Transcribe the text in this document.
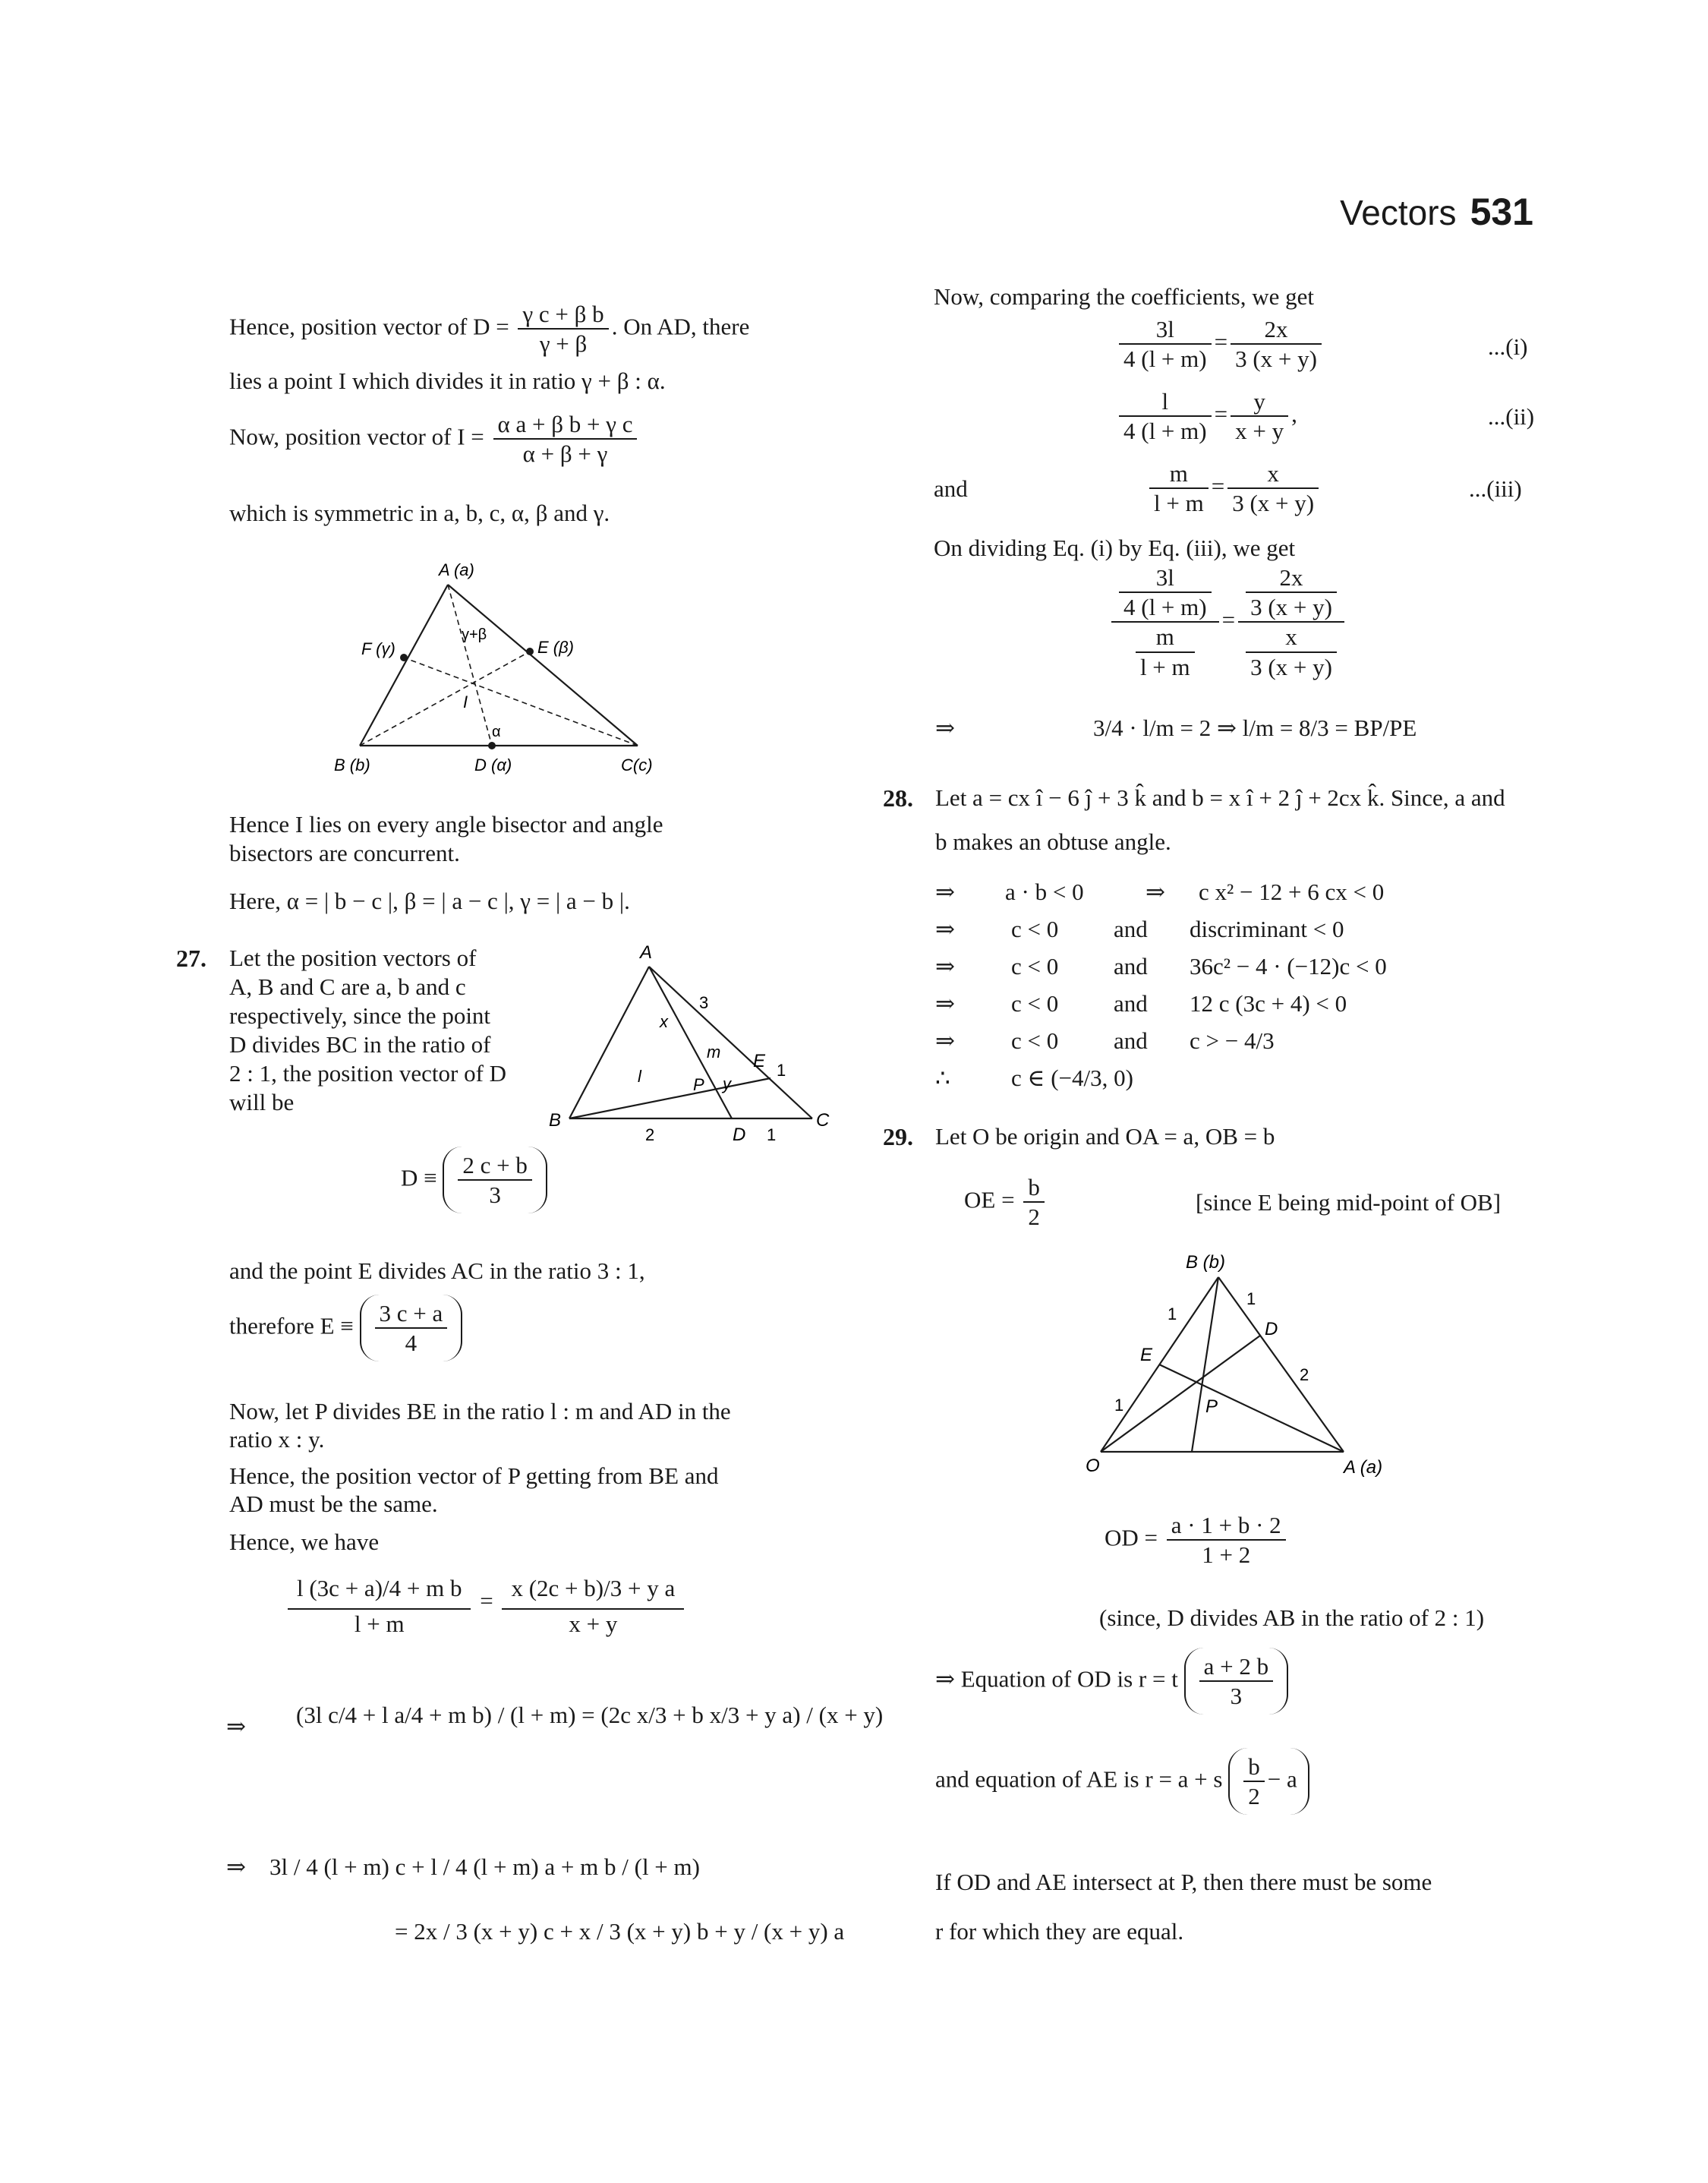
Vectors 531
Hence, position vector of $D = \frac{\text{γ c + β b}}{\gamma + \beta}$ . On AD, there
lies a point I which divides it in ratio γ + β : α.
Now, position vector of $I = \frac{\text{α a + β b + γ c}}{\alpha + \beta + \gamma}$
which is symmetric in a, b, c, α, β and γ.
A (a)
B (b)	C(c)
D (α)
E (β)
F (γ)
I
γ+β
α
Hence I lies on every angle bisector and angle
bisectors are concurrent.
Here, α = | b − c |, β = | a − c |, γ = | a − b |.
27. Let the position vectors of
A, B and C are a, b and c
respectively, since the point
D divides BC in the ratio of
2 : 1, the position vector of D
will be
A
B	C
D
E
P
m
x
y
l
3
1
2	1
$D \equiv \frac{2 c + b}{3}$
and the point E divides AC in the ratio 3 : 1,
therefore $E \equiv \frac{3 c + a}{4}$
Now, let P divides BE in the ratio l : m and AD in the
ratio x : y.
Hence, the position vector of P getting from BE and
AD must be the same.
Hence, we have
$\frac{\text{l (3c + a)/4 + m b}}{l + m} = \frac{\text{x (2c + b)/3 + y a}}{x + y}$
⇒ (3l c/4 + l a/4 + m b) / (l + m) = (2c x/3 + b x/3 + y a) / (x + y)
⇒ 3l / 4 (l + m) c + l / 4 (l + m) a + m b / (l + m)
= 2x / 3 (x + y) c + x / 3 (x + y) b + y / (x + y) a
Now, comparing the coefficients, we get
$\frac{3l}{4 (l + m)} = \frac{2x}{3 (x + y)}$	...(i)
$\frac{l}{4 (l + m)} = \frac{y}{x + y}$ ,	...(ii)
and	$\frac{m}{l + m} = \frac{x}{3 (x + y)}$	...(iii)
On dividing Eq. (i) by Eq. (iii), we get
$\frac{\frac{3l}{4 (l + m)}}{\frac{m}{l + m}} = \frac{\frac{2x}{3 (x + y)}}{\frac{x}{3 (x + y)}}$
⇒	3/4 · l/m = 2 ⇒ l/m = 8/3 = BP/PE
28. Let a = cx î − 6 ĵ + 3 k̂ and b = x î + 2 ĵ + 2cx k̂. Since, a and
b makes an obtuse angle.
⇒	a · b < 0	⇒	c x² − 12 + 6 cx < 0
⇒	c < 0	and	discriminant < 0
⇒	c < 0	and	36c² − 4 · (−12)c < 0
⇒	c < 0	and	12 c (3c + 4) < 0
⇒	c < 0	and	c > − 4/3
∴	c ∈ (−4/3, 0)
29. Let O be origin and OA = a, OB = b
OE = $\frac{b}{2}$	[since E being mid-point of OB]
B (b)
A (a)
O
D
E
P
1
1
1
2
OD = $\frac{a \cdot 1 + b \cdot 2}{1 + 2}$
(since, D divides AB in the ratio of 2 : 1)
⇒ Equation of OD is r = t $\frac{a + 2 b}{3}$
and equation of AE is r = a + s $\frac{b}{2} - a$
If OD and AE intersect at P, then there must be some
r for which they are equal.
